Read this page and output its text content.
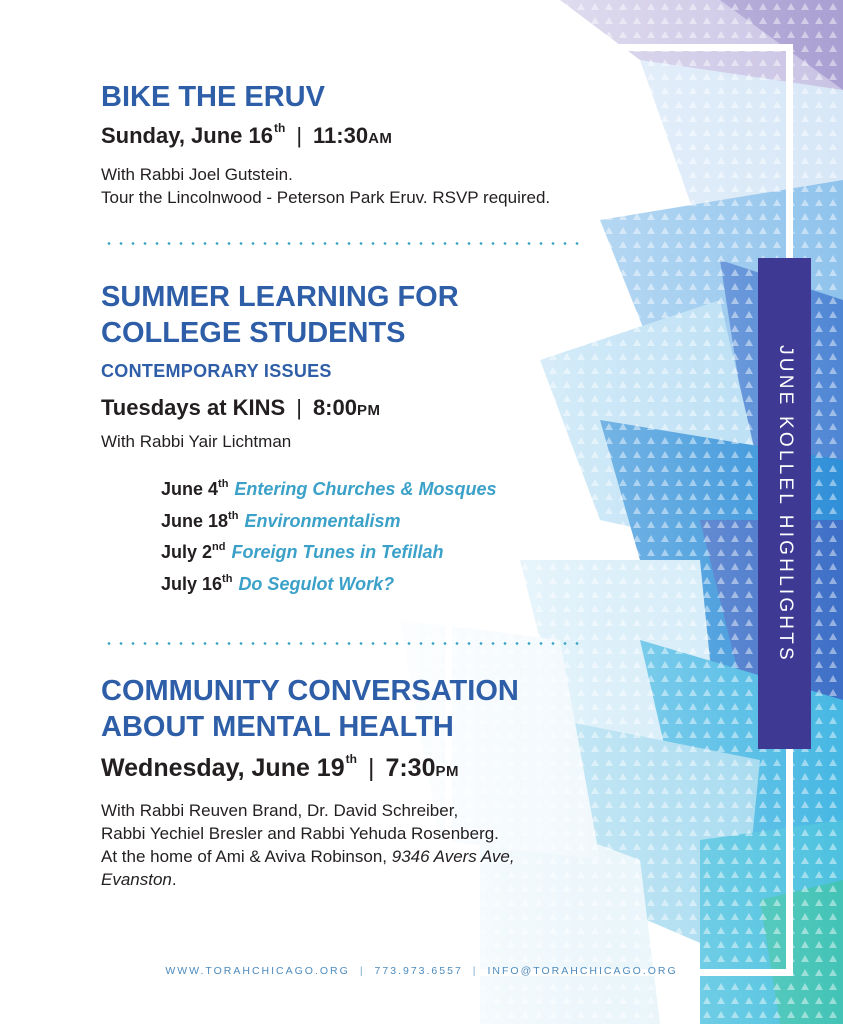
JUNE KOLLEL HIGHLIGHTS
BIKE THE ERUV
Sunday, June 16th | 11:30AM

With Rabbi Joel Gutstein.
Tour the Lincolnwood - Peterson Park Eruv. RSVP required.

SUMMER LEARNING FOR
COLLEGE STUDENTS
CONTEMPORARY ISSUES
Tuesdays at KINS | 8:00PM

With Rabbi Yair Lichtman

June 4th Entering Churches & Mosques
June 18th Environmentalism
July 2nd Foreign Tunes in Tefillah
July 16th Do Segulot Work?
COMMUNITY CONVERSATION
ABOUT MENTAL HEALTH
Wednesday, June 19th | 7:30PM

With Rabbi Reuven Brand, Dr. David Schreiber,
Rabbi Yechiel Bresler and Rabbi Yehuda Rosenberg.
At the home of Ami & Aviva Robinson, 9346 Avers Ave,
Evanston.

WWW.TORAHCHICAGO.ORG | 773.973.6557 | INFO@TORAHCHICAGO.ORG
